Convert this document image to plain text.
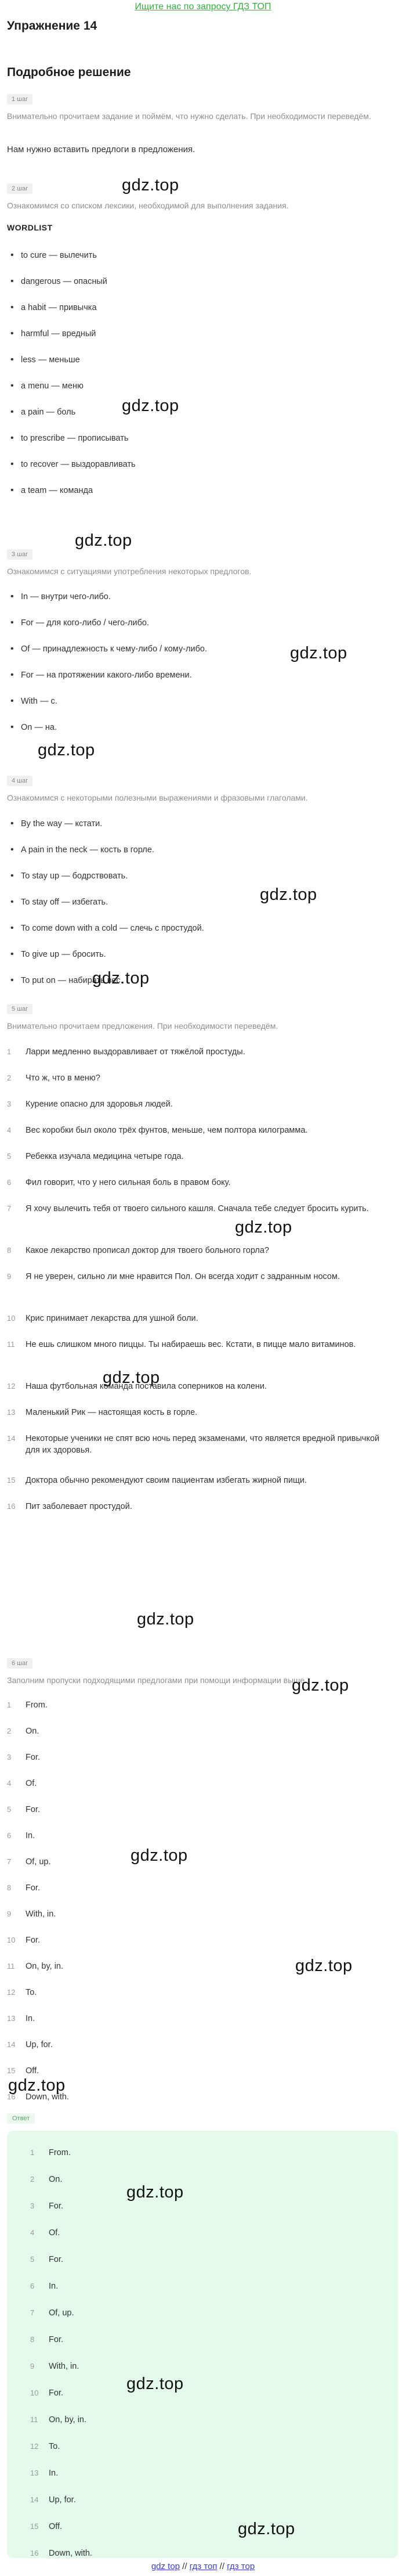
Ищите нас по запросу ГДЗ ТОП
Упражнение 14
Подробное решение
1 шаг
Внимательно прочитаем задание и поймём, что нужно сделать. При необходимости переведём.
Нам нужно вставить предлоги в предложения.
2 шаг
Ознакомимся со списком лексики, необходимой для выполнения задания.
WORDLIST
• to cure — вылечить
• dangerous — опасный
• a habit — привычка
• harmful — вредный
• less — меньше
• a menu — меню
• a pain — боль
• to prescribe — прописывать
• to recover — выздоравливать
• a team — команда
3 шаг
Ознакомимся с ситуациями употребления некоторых предлогов.
• In — внутри чего-либо.
• For — для кого-либо / чего-либо.
• Of — принадлежность к чему-либо / кому-либо.
• For — на протяжении какого-либо времени.
• With — с.
• On — на.
4 шаг
Ознакомимся с некоторыми полезными выражениями и фразовыми глаголами.
• By the way — кстати.
• A pain in the neck — кость в горле.
• To stay up — бодрствовать.
• To stay off — избегать.
• To come down with a cold — слечь с простудой.
• To give up — бросить.
• To put on — набирать вес.
5 шаг
Внимательно прочитаем предложения. При необходимости переведём.
1 Ларри медленно выздоравливает от тяжёлой простуды.
2 Что ж, что в меню?
3 Курение опасно для здоровья людей.
4 Вес коробки был около трёх фунтов, меньше, чем полтора килограмма.
5 Ребекка изучала медицина четыре года.
6 Фил говорит, что у него сильная боль в правом боку.
7 Я хочу вылечить тебя от твоего сильного кашля. Сначала тебе следует бросить курить.
8 Какое лекарство прописал доктор для твоего больного горла?
9 Я не уверен, сильно ли мне нравится Пол. Он всегда ходит с задранным носом.
10 Крис принимает лекарства для ушной боли.
11 Не ешь слишком много пиццы. Ты набираешь вес. Кстати, в пицце мало витаминов.
12 Наша футбольная команда поставила соперников на колени.
13 Маленький Рик — настоящая кость в горле.
14 Некоторые ученики не спят всю ночь перед экзаменами, что является вредной привычкой для их здоровья.
15 Доктора обычно рекомендуют своим пациентам избегать жирной пищи.
16 Пит заболевает простудой.
6 шаг
Заполним пропуски подходящими предлогами при помощи информации выше.
1 From.
2 On.
3 For.
4 Of.
5 For.
6 In.
7 Of, up.
8 For.
9 With, in.
10 For.
11 On, by, in.
12 To.
13 In.
14 Up, for.
15 Off.
16 Down, with.
Ответ
1 From.
2 On.
3 For.
4 Of.
5 For.
6 In.
7 Of, up.
8 For.
9 With, in.
10 For.
11 On, by, in.
12 To.
13 In.
14 Up, for.
15 Off.
16 Down, with.
gdz.top
gdz.top
gdz.top
gdz.top
gdz.top
gdz.top
gdz.top
gdz.top
gdz.top
gdz.top
gdz.top
gdz.top
gdz.top
gdz.top
gdz.top
gdz.top
gdz.top
gdz top // гдз топ // гдз тор
